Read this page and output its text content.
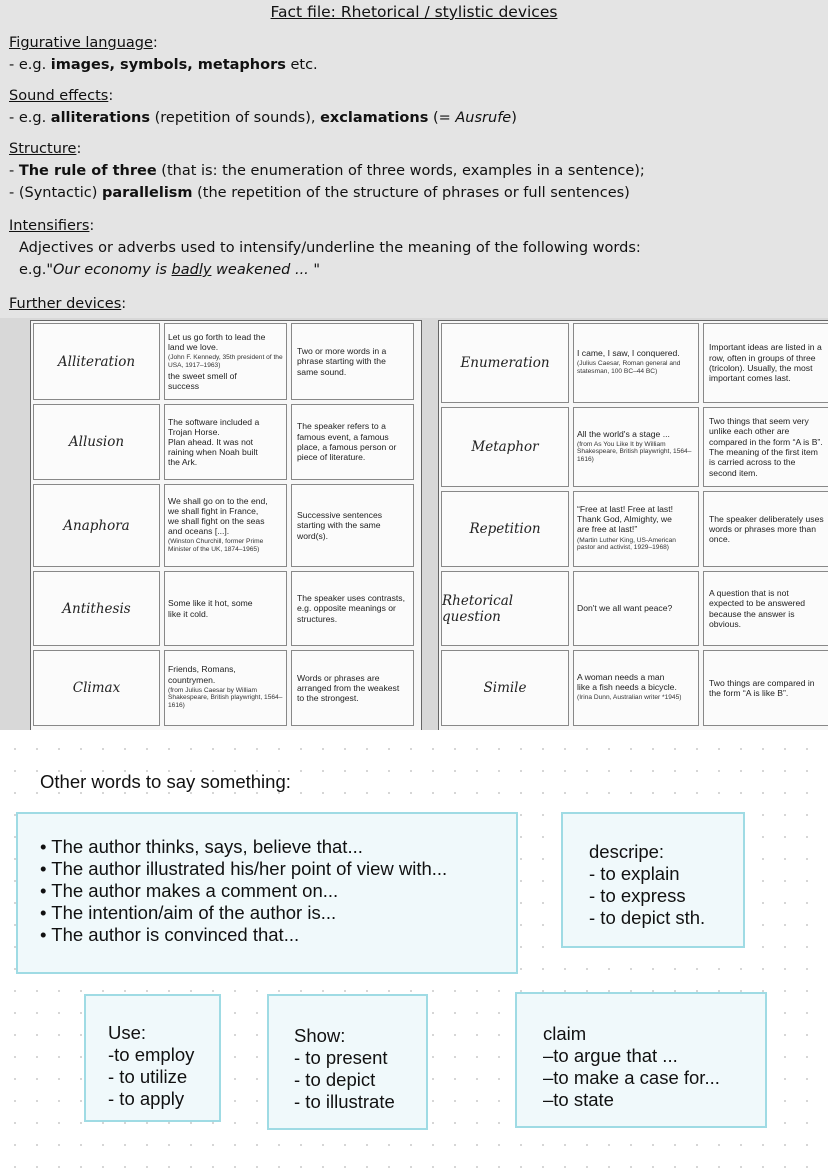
Fact file: Rhetorical / stylistic devices
Figurative language:
- e.g. images, symbols, metaphors etc.
Sound effects:
- e.g. alliterations (repetition of sounds), exclamations (= Ausrufe)
Structure:
- The rule of three (that is: the enumeration of three words, examples in a sentence);
- (Syntactic) parallelism (the repetition of the structure of phrases or full sentences)
Intensifiers:
Adjectives or adverbs used to intensify/underline the meaning of the following words:
e.g."Our economy is badly weakened ... "
Further devices:
Alliteration
Let us go forth to lead the
land we love.
(John F. Kennedy, 35th president of the USA, 1917–1963)
the sweet smell of
success
Two or more words in a phrase starting with the same sound.
Allusion
The software included a
Trojan Horse.
Plan ahead. It was not
raining when Noah built
the Ark.
The speaker refers to a famous event, a famous place, a famous person or piece of literature.
Anaphora
We shall go on to the end,
we shall fight in France,
we shall fight on the seas
and oceans [...].
(Winston Churchill, former Prime Minister of the UK, 1874–1965)
Successive sentences starting with the same word(s).
Antithesis	Some like it hot, some
like it cold.
The speaker uses contrasts, e.g. opposite meanings or structures.
Climax
Friends, Romans,
countrymen.
(from Julius Caesar by William Shakespeare, British playwright, 1564–1616)
Words or phrases are arranged from the weakest to the strongest.
Enumeration
I came, I saw, I conquered.
(Julius Caesar, Roman general and statesman, 100 BC–44 BC)
Important ideas are listed in a row, often in groups of three (tricolon). Usually, the most important comes last.
Metaphor
All the world's a stage ...
(from As You Like It by William Shakespeare, British playwright, 1564–1616)
Two things that seem very unlike each other are compared in the form “A is B”. The meaning of the first item is carried across to the second item.
Repetition
“Free at last! Free at last!
Thank God, Almighty, we
are free at last!”
(Martin Luther King, US-American pastor and activist, 1929–1968)
The speaker deliberately uses words or phrases more than once.
Rhetorical question
Don't we all want peace?
A question that is not expected to be answered because the answer is obvious.
Simile
A woman needs a man
like a fish needs a bicycle.
(Irina Dunn, Australian writer *1945)
Two things are compared in the form “A is like B”.
Other words to say something:
• The author thinks, says, believe that...
• The author illustrated his/her point of view with...
• The author makes a comment on...
• The intention/aim of the author is...
• The author is convinced that...
descripe:
- to explain
- to express
- to depict sth.
Use:
-to employ
- to utilize
- to apply
Show:
- to present
- to depict
- to illustrate
claim
–to argue that ...
–to make a case for...
–to state
